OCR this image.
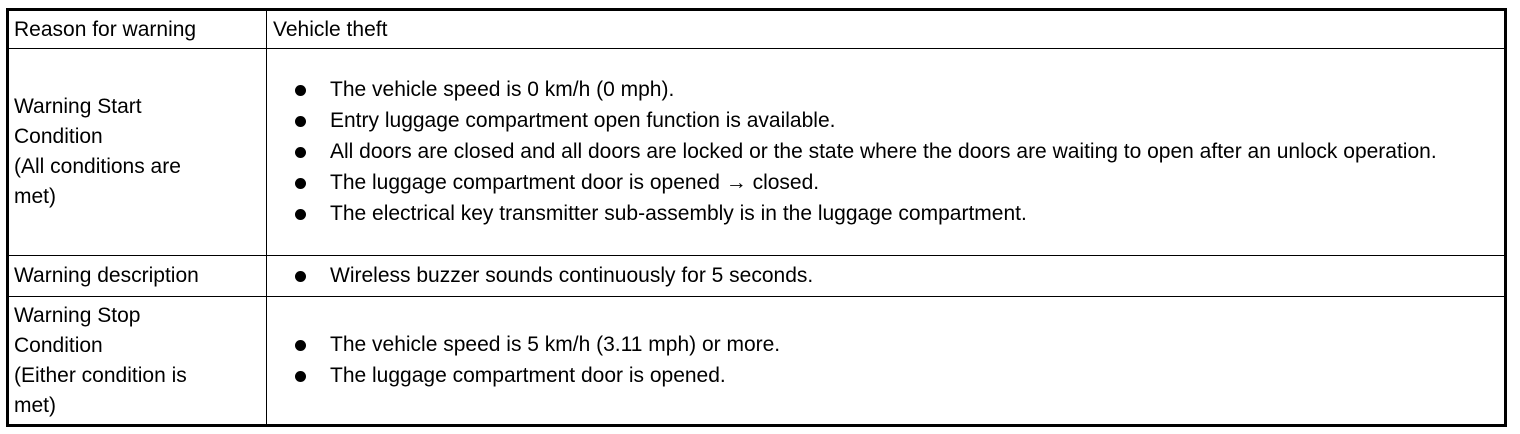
Reason for warning	Vehicle theft
Warning Start
Condition
(All conditions are
met)
The vehicle speed is 0 km/h (0 mph).
Entry luggage compartment open function is available.
All doors are closed and all doors are locked or the state where the doors are waiting to open after an unlock operation.
The luggage compartment door is opened → closed.
The electrical key transmitter sub-assembly is in the luggage compartment.
Warning description	Wireless buzzer sounds continuously for 5 seconds.
Warning Stop
Condition
(Either condition is
met)
The vehicle speed is 5 km/h (3.11 mph) or more.
The luggage compartment door is opened.
